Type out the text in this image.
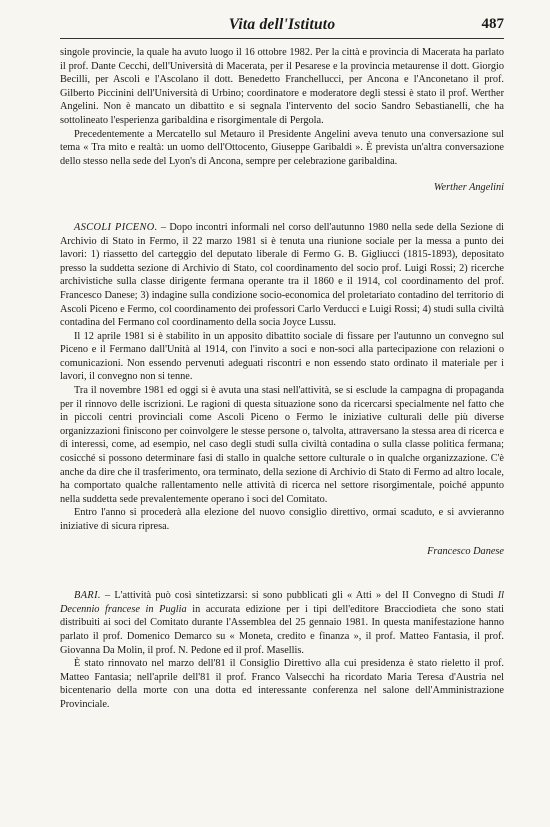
Vita dell'Istituto	487

singole provincie, la quale ha avuto luogo il 16 ottobre 1982. Per la città e provincia di Macerata ha parlato il prof. Dante Cecchi, dell'Università di Macerata, per il Pesarese e la provincia metaurense il dott. Giorgio Becilli, per Ascoli e l'Ascolano il dott. Benedetto Franchellucci, per Ancona e l'Anconetano il prof. Gilberto Piccinini dell'Università di Urbino; coordinatore e moderatore degli stessi è stato il prof. Werther Angelini. Non è mancato un dibattito e si segnala l'intervento del socio Sandro Sebastianelli, che ha sottolineato l'esperienza garibaldina e risorgimentale di Pergola.

Precedentemente a Mercatello sul Metauro il Presidente Angelini aveva tenuto una conversazione sul tema « Tra mito e realtà: un uomo dell'Ottocento, Giuseppe Garibaldi ». È prevista un'altra conversazione dello stesso nella sede del Lyon's di Ancona, sempre per celebrazione garibaldina.

Werther Angelini

ASCOLI PICENO. – Dopo incontri informali nel corso dell'autunno 1980 nella sede della Sezione di Archivio di Stato in Fermo, il 22 marzo 1981 si è tenuta una riunione sociale per la messa a punto dei lavori: 1) riassetto del carteggio del deputato liberale di Fermo G. B. Gigliucci (1815-1893), depositato presso la suddetta sezione di Archivio di Stato, col coordinamento del socio prof. Luigi Rossi; 2) ricerche archivistiche sulla classe dirigente fermana operante tra il 1860 e il 1914, col coordinamento del prof. Francesco Danese; 3) indagine sulla condizione socio-economica del proletariato contadino del territorio di Ascoli Piceno e Fermo, col coordinamento dei professori Carlo Verducci e Luigi Rossi; 4) studi sulla civiltà contadina del Fermano col coordinamento della socia Joyce Lussu.

Il 12 aprile 1981 si è stabilito in un apposito dibattito sociale di fissare per l'autunno un convegno sul Piceno e il Fermano dall'Unità al 1914, con l'invito a soci e non-soci alla partecipazione con relazioni o comunicazioni. Non essendo pervenuti adeguati riscontri e non essendo stato ordinato il materiale per i lavori, il convegno non si tenne.

Tra il novembre 1981 ed oggi si è avuta una stasi nell'attività, se si esclude la campagna di propaganda per il rinnovo delle iscrizioni. Le ragioni di questa situazione sono da ricercarsi specialmente nel fatto che in piccoli centri provinciali come Ascoli Piceno o Fermo le iniziative culturali delle più diverse organizzazioni finiscono per coinvolgere le stesse persone o, talvolta, attraversano la stessa area di ricerca e di interessi, come, ad esempio, nel caso degli studi sulla civiltà contadina o sulla classe politica fermana; cosicché si possono determinare fasi di stallo in qualche settore culturale o in qualche organizzazione. C'è anche da dire che il trasferimento, ora terminato, della sezione di Archivio di Stato di Fermo ad altro locale, ha comportato qualche rallentamento nelle attività di ricerca nel settore risorgimentale, poiché appunto nella suddetta sede prevalentemente operano i soci del Comitato.

Entro l'anno si procederà alla elezione del nuovo consiglio direttivo, ormai scaduto, e si avvieranno iniziative di sicura ripresa.

Francesco Danese

BARI. – L'attività può così sintetizzarsi: si sono pubblicati gli « Atti » del II Convegno di Studi Il Decennio francese in Puglia in accurata edizione per i tipi dell'editore Bracciodieta che sono stati distribuiti ai soci del Comitato durante l'Assemblea del 25 gennaio 1981. In questa manifestazione hanno parlato il prof. Domenico Demarco su « Moneta, credito e finanza », il prof. Matteo Fantasia, il prof. Giovanna Da Molin, il prof. N. Pedone ed il prof. Masellis.

È stato rinnovato nel marzo dell'81 il Consiglio Direttivo alla cui presidenza è stato rieletto il prof. Matteo Fantasia; nell'aprile dell'81 il prof. Franco Valsecchi ha ricordato Maria Teresa d'Austria nel bicentenario della morte con una dotta ed interessante conferenza nel salone dell'Amministrazione Provinciale.
